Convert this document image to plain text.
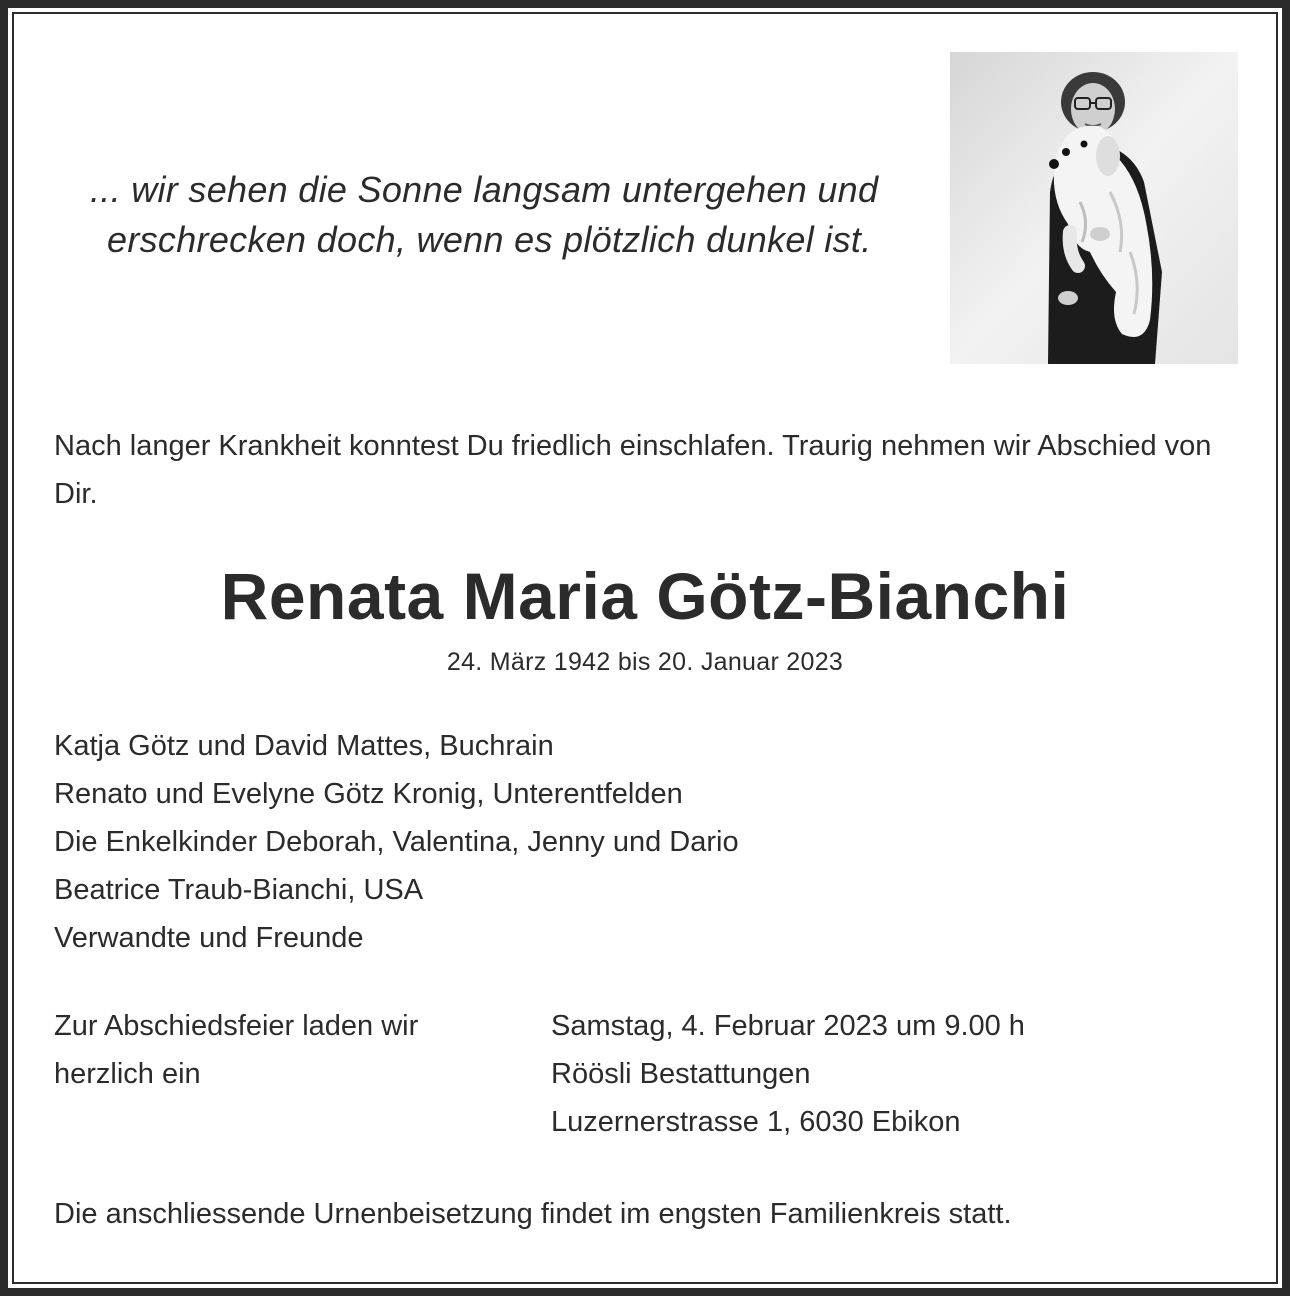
... wir sehen die Sonne langsam untergehen und
erschrecken doch, wenn es plötzlich dunkel ist.
Nach langer Krankheit konntest Du friedlich einschlafen. Traurig nehmen wir Abschied von Dir.
Renata Maria Götz-Bianchi
24. März 1942 bis 20. Januar 2023
Katja Götz und David Mattes, Buchrain
Renato und Evelyne Götz Kronig, Unterentfelden
Die Enkelkinder Deborah, Valentina, Jenny und Dario
Beatrice Traub-Bianchi, USA
Verwandte und Freunde
Zur Abschiedsfeier laden wir herzlich ein
Samstag, 4. Februar 2023 um 9.00 h
Röösli Bestattungen
Luzernerstrasse 1, 6030 Ebikon
Die anschliessende Urnenbeisetzung findet im engsten Familienkreis statt.
